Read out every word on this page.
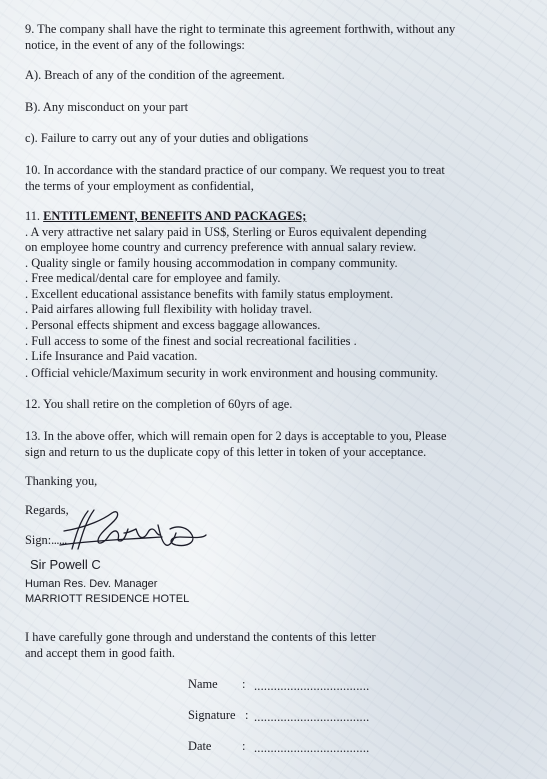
9. The company shall have the right to terminate this agreement forthwith, without any

notice, in the event of any of the followings:

A). Breach of any of the condition of the agreement.

B). Any misconduct on your part

c). Failure to carry out any of your duties and obligations

10. In accordance with the standard practice of our company. We request you to treat

the terms of your employment as confidential,

11. ENTITLEMENT, BENEFITS AND PACKAGES;

. A very attractive net salary paid in US$, Sterling or Euros equivalent depending

on employee home country and currency preference with annual salary review.

. Quality single or family housing accommodation in company community.

. Free medical/dental care for employee and family.

. Excellent educational assistance benefits with family status employment.

. Paid airfares allowing full flexibility with holiday travel.

. Personal effects shipment and excess baggage allowances.

. Full access to some of the finest and social recreational facilities .

. Life Insurance and Paid vacation.

. Official vehicle/Maximum security in work environment and housing community.

12. You shall retire on the completion of 60yrs of age.

13. In the above offer, which will remain open for 2 days is acceptable to you, Please

sign and return to us the duplicate copy of this letter in token of your acceptance.

Thanking you,

Regards,

Sign:......
Sir Powell C
Human Res. Dev. Manager
MARRIOTT RESIDENCE HOTEL

I have carefully gone through and understand the contents of this letter

and accept them in good faith.

Name : ...................................
Signature : ...................................
Date : ...................................
